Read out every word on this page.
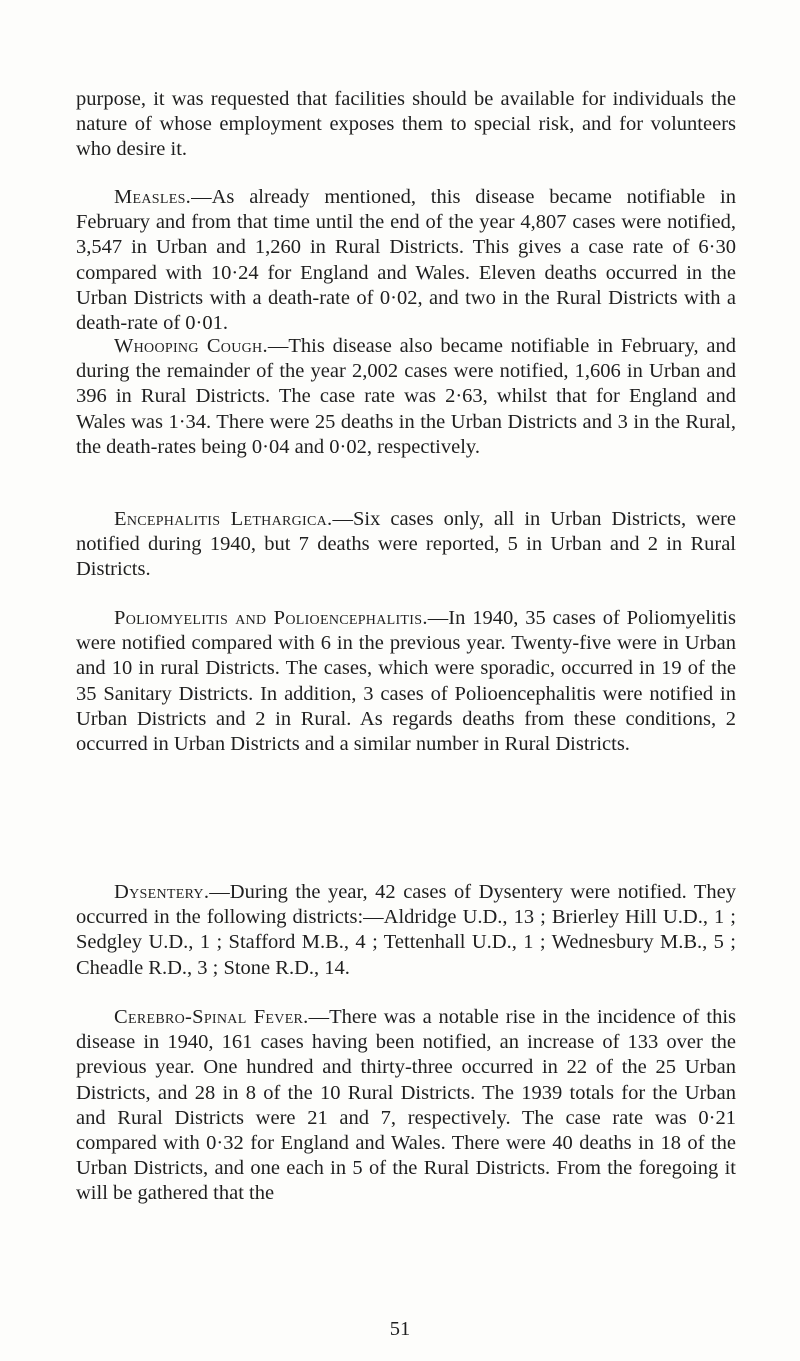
purpose, it was requested that facilities should be available for individuals the nature of whose employment exposes them to special risk, and for volunteers who desire it.

Measles.—As already mentioned, this disease became notifiable in February and from that time until the end of the year 4,807 cases were notified, 3,547 in Urban and 1,260 in Rural Districts. This gives a case rate of 6·30 compared with 10·24 for England and Wales. Eleven deaths occurred in the Urban Districts with a death-rate of 0·02, and two in the Rural Districts with a death-rate of 0·01.

Whooping Cough.—This disease also became notifiable in February, and during the remainder of the year 2,002 cases were notified, 1,606 in Urban and 396 in Rural Districts. The case rate was 2·63, whilst that for England and Wales was 1·34. There were 25 deaths in the Urban Districts and 3 in the Rural, the death-rates being 0·04 and 0·02, respectively.

Encephalitis Lethargica.—Six cases only, all in Urban Districts, were notified during 1940, but 7 deaths were reported, 5 in Urban and 2 in Rural Districts.

Poliomyelitis and Polioencephalitis.—In 1940, 35 cases of Poliomyelitis were notified compared with 6 in the previous year. Twenty-five were in Urban and 10 in rural Districts. The cases, which were sporadic, occurred in 19 of the 35 Sanitary Districts. In addition, 3 cases of Polioencephalitis were notified in Urban Districts and 2 in Rural. As regards deaths from these conditions, 2 occurred in Urban Districts and a similar number in Rural Districts.

Dysentery.—During the year, 42 cases of Dysentery were notified. They occurred in the following districts:—Aldridge U.D., 13 ; Brierley Hill U.D., 1 ; Sedgley U.D., 1 ; Stafford M.B., 4 ; Tettenhall U.D., 1 ; Wednesbury M.B., 5 ; Cheadle R.D., 3 ; Stone R.D., 14.

Cerebro-Spinal Fever.—There was a notable rise in the incidence of this disease in 1940, 161 cases having been notified, an increase of 133 over the previous year. One hundred and thirty-three occurred in 22 of the 25 Urban Districts, and 28 in 8 of the 10 Rural Districts. The 1939 totals for the Urban and Rural Districts were 21 and 7, respectively. The case rate was 0·21 compared with 0·32 for England and Wales. There were 40 deaths in 18 of the Urban Districts, and one each in 5 of the Rural Districts. From the foregoing it will be gathered that the

51
